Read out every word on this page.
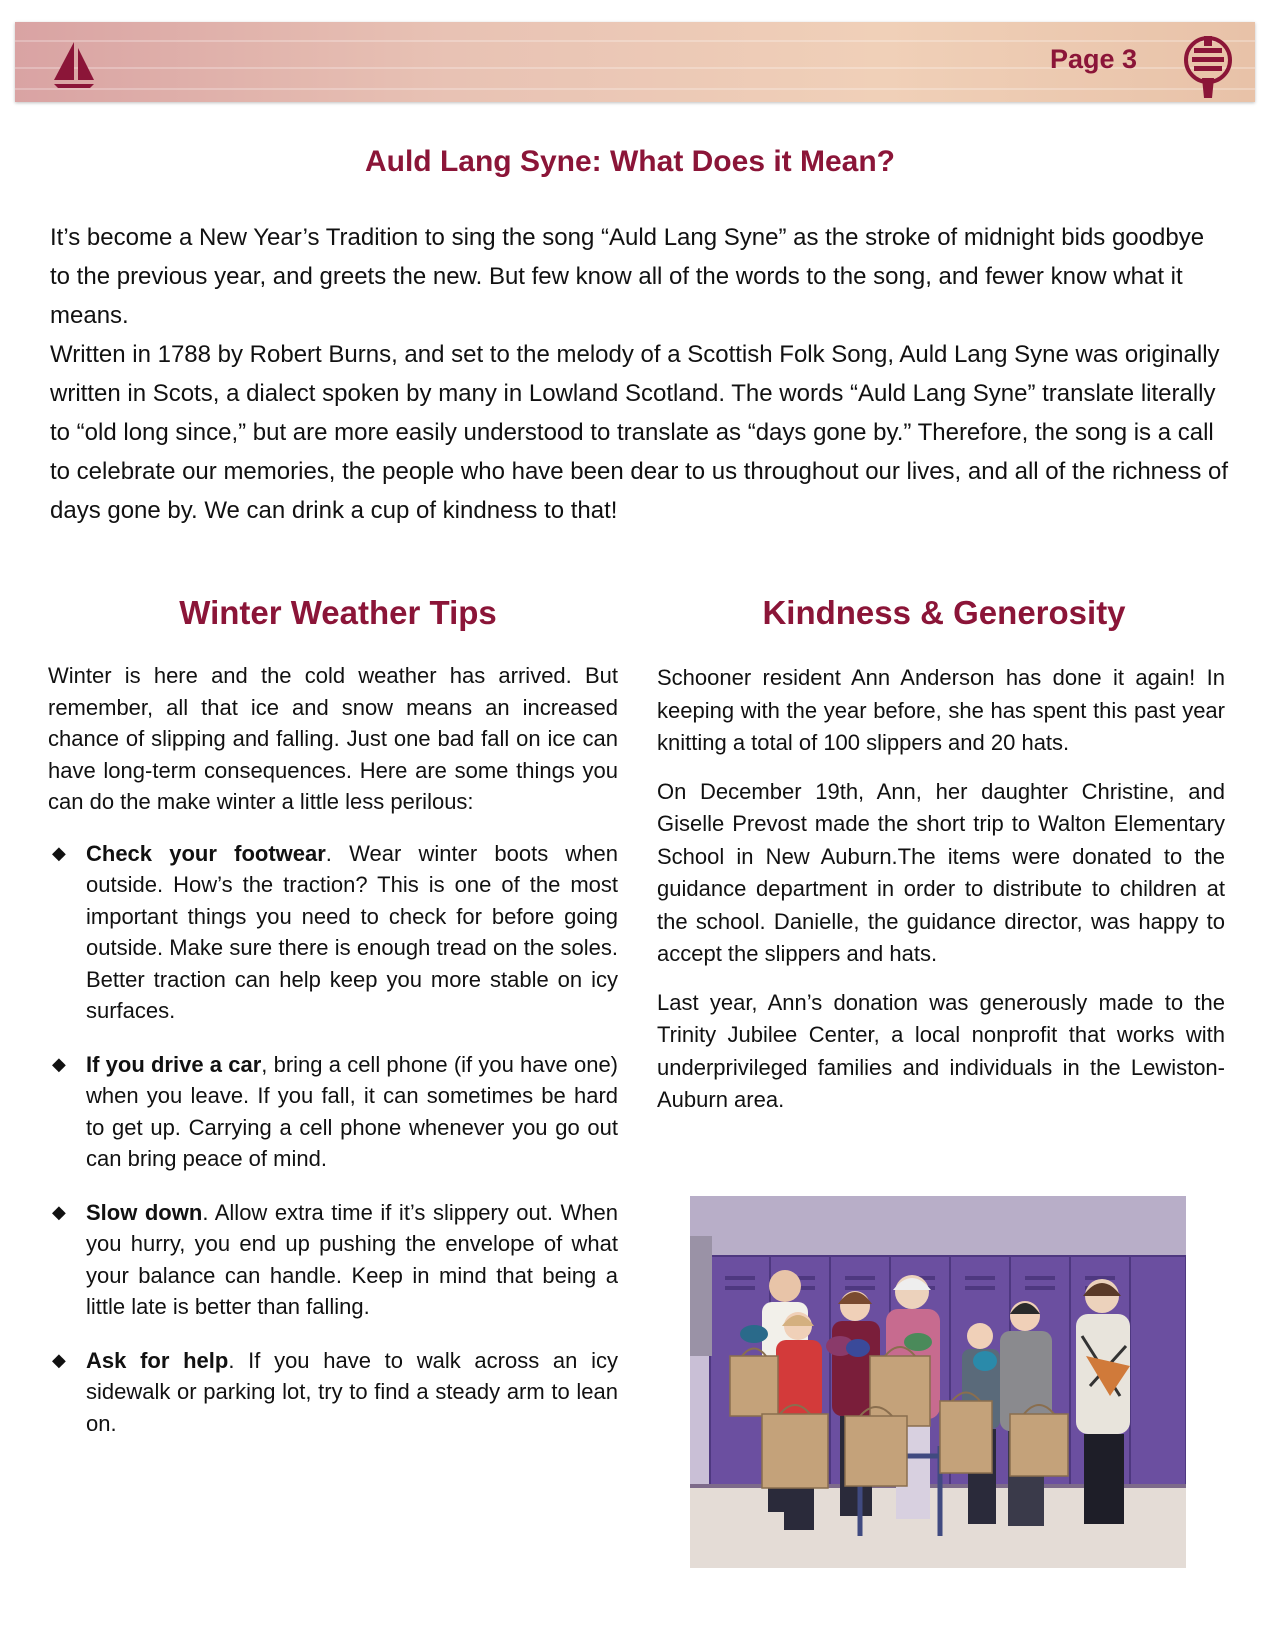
Page 3
Auld Lang Syne: What Does it Mean?

It’s become a New Year’s Tradition to sing the song “Auld Lang Syne” as the stroke of midnight bids goodbye to the previous year, and greets the new. But few know all of the words to the song, and fewer know what it means.

Written in 1788 by Robert Burns, and set to the melody of a Scottish Folk Song, Auld Lang Syne was originally written in Scots, a dialect spoken by many in Lowland Scotland. The words “Auld Lang Syne” translate literally to “old long since,” but are more easily understood to translate as “days gone by.” Therefore, the song is a call to celebrate our memories, the people who have been dear to us throughout our lives, and all of the richness of days gone by. We can drink a cup of kindness to that!

Winter Weather Tips

Winter is here and the cold weather has arrived. But remember, all that ice and snow means an increased chance of slipping and falling. Just one bad fall on ice can have long-term consequences. Here are some things you can do the make winter a little less perilous:

◆ Check your footwear. Wear winter boots when outside. How’s the traction? This is one of the most important things you need to check for before going outside. Make sure there is enough tread on the soles. Better traction can help keep you more stable on icy surfaces.
◆ If you drive a car, bring a cell phone (if you have one) when you leave. If you fall, it can sometimes be hard to get up. Carrying a cell phone whenever you go out can bring peace of mind.
◆ Slow down. Allow extra time if it’s slippery out. When you hurry, you end up pushing the envelope of what your balance can handle. Keep in mind that being a little late is better than falling.
◆ Ask for help. If you have to walk across an icy sidewalk or parking lot, try to find a steady arm to lean on.
Kindness & Generosity

Schooner resident Ann Anderson has done it again! In keeping with the year before, she has spent this past year knitting a total of 100 slippers and 20 hats.

On December 19th, Ann, her daughter Christine, and Giselle Prevost made the short trip to Walton Elementary School in New Auburn.The items were donated to the guidance department in order to distribute to children at the school. Danielle, the guidance director, was happy to accept the slippers and hats.

Last year, Ann’s donation was generously made to the Trinity Jubilee Center, a local nonprofit that works with underprivileged families and individuals in the Lewiston-Auburn area.
